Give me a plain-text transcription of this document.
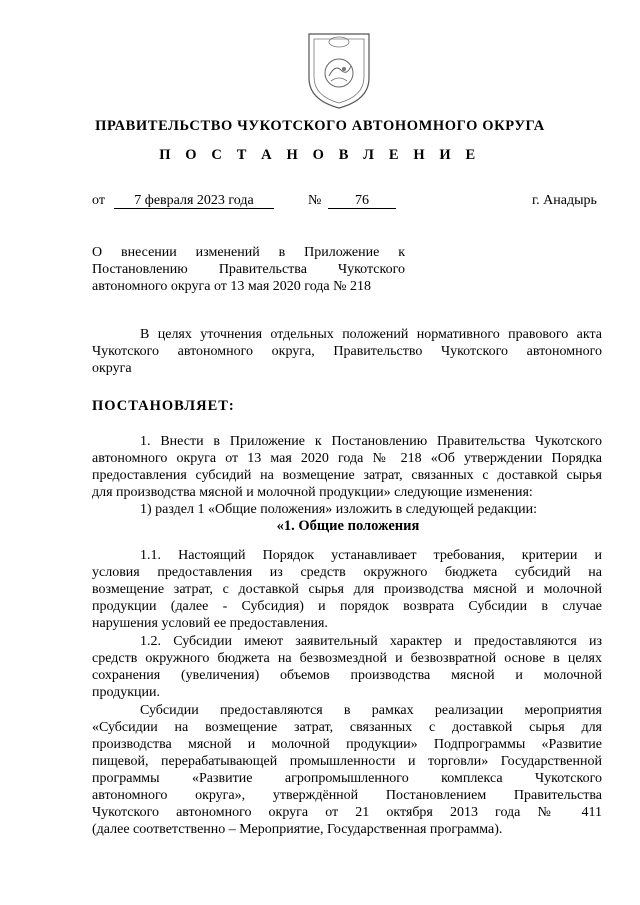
ПРАВИТЕЛЬСТВО ЧУКОТСКОГО АВТОНОМНОГО ОКРУГА
П О С Т А Н О В Л Е Н И Е
от	7 февраля 2023 года	№	76	г. Анадырь

О внесении изменений в Приложение к

Постановлению Правительства Чукотского

автономного округа от 13 мая 2020 года № 218

В целях уточнения отдельных положений нормативного правового акта

Чукотского автономного округа, Правительство Чукотского автономного

округа

ПОСТАНОВЛЯЕТ:

1. Внести в Приложение к Постановлению Правительства Чукотского

автономного округа от 13 мая 2020 года № 218 «Об утверждении Порядка

предоставления субсидий на возмещение затрат, связанных с доставкой сырья

для производства мясной и молочной продукции» следующие изменения:

1) раздел 1 «Общие положения» изложить в следующей редакции:

«1. Общие положения

1.1. Настоящий Порядок устанавливает требования, критерии и

условия предоставления из средств окружного бюджета субсидий на

возмещение затрат, с доставкой сырья для производства мясной и молочной

продукции (далее - Субсидия) и порядок возврата Субсидии в случае

нарушения условий ее предоставления.

1.2. Субсидии имеют заявительный характер и предоставляются из

средств окружного бюджета на безвозмездной и безвозвратной основе в целях

сохранения (увеличения) объемов производства мясной и молочной

продукции.

Субсидии предоставляются в рамках реализации мероприятия

«Субсидии на возмещение затрат, связанных с доставкой сырья для

производства мясной и молочной продукции» Подпрограммы «Развитие

пищевой, перерабатывающей промышленности и торговли» Государственной

программы «Развитие агропромышленного комплекса Чукотского

автономного округа», утверждённой Постановлением Правительства

Чукотского автономного округа от 21 октября 2013 года № 411

(далее соответственно – Мероприятие, Государственная программа).
